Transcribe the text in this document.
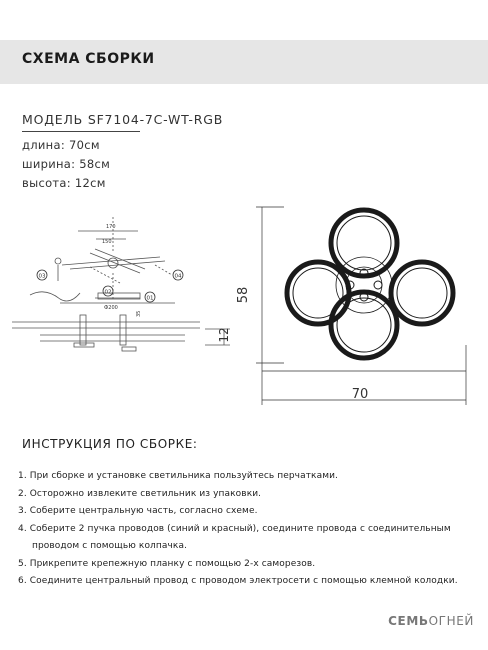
СХЕМА СБОРКИ
МОДЕЛЬ SF7104-7C-WT-RGB
длина: 70см
ширина: 58см
высота: 12см
03	04
01
02
170
150
Ф200
35
12
58
70
ИНСТРУКЦИЯ ПО СБОРКЕ:
1. При сборке и установке светильника пользуйтесь перчатками.
2. Осторожно извлеките светильник из упаковки.
3. Соберите центральную часть, согласно схеме.
4. Соберите 2 пучка проводов (синий и красный), соедините провода с соединительным
проводом с помощью колпачка.
5. Прикрепите крепежную планку с помощью 2-х саморезов.
6. Соедините центральный провод с проводом электросети с помощью клемной колодки.
СЕМЬОГНЕЙ
